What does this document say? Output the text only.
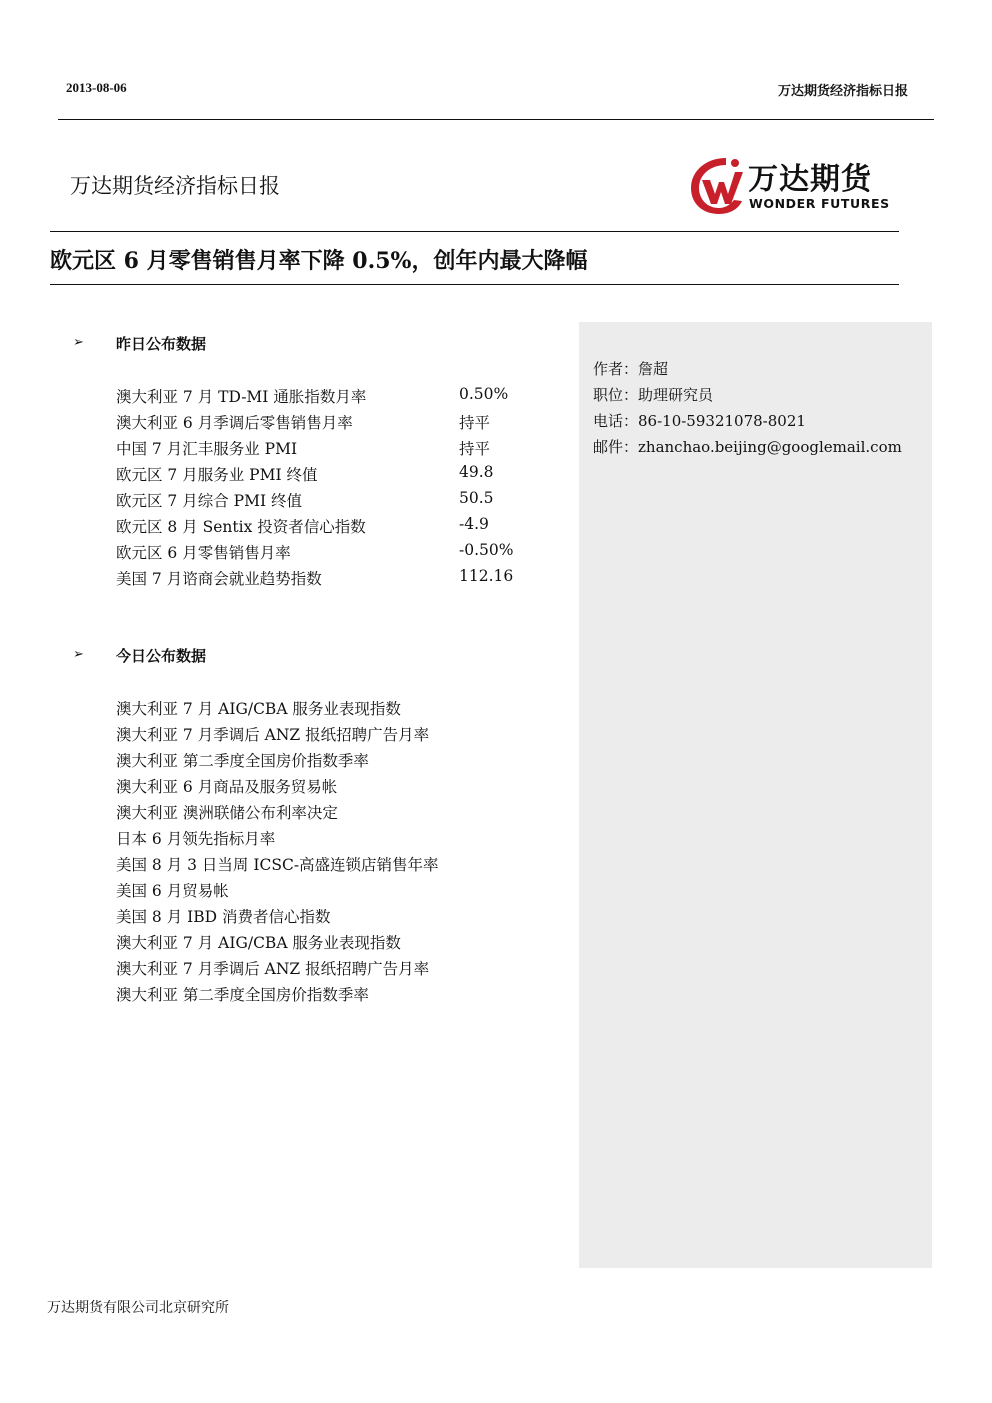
2013-08-06	万达期货经济指标日报
万达期货经济指标日报	万达期货
WONDER FUTURES
欧元区 6 月零售销售月率下降 0.5%，创年内最大降幅
作者：詹超
职位：助理研究员
电话：86-10-59321078-8021
邮件：zhanchao.beijing@googlemail.com
➢ 昨日公布数据
澳大利亚 7 月 TD-MI 通胀指数月率	0.50%
澳大利亚 6 月季调后零售销售月率	持平
中国 7 月汇丰服务业 PMI	持平
欧元区 7 月服务业 PMI 终值	49.8
欧元区 7 月综合 PMI 终值	50.5
欧元区 8 月 Sentix 投资者信心指数	-4.9
欧元区 6 月零售销售月率	-0.50%
美国 7 月谘商会就业趋势指数	112.16
➢ 今日公布数据
澳大利亚 7 月 AIG/CBA 服务业表现指数
澳大利亚 7 月季调后 ANZ 报纸招聘广告月率
澳大利亚 第二季度全国房价指数季率
澳大利亚 6 月商品及服务贸易帐
澳大利亚 澳洲联储公布利率决定
日本 6 月领先指标月率
美国 8 月 3 日当周 ICSC-高盛连锁店销售年率
美国 6 月贸易帐
美国 8 月 IBD 消费者信心指数
澳大利亚 7 月 AIG/CBA 服务业表现指数
澳大利亚 7 月季调后 ANZ 报纸招聘广告月率
澳大利亚 第二季度全国房价指数季率
万达期货有限公司北京研究所
